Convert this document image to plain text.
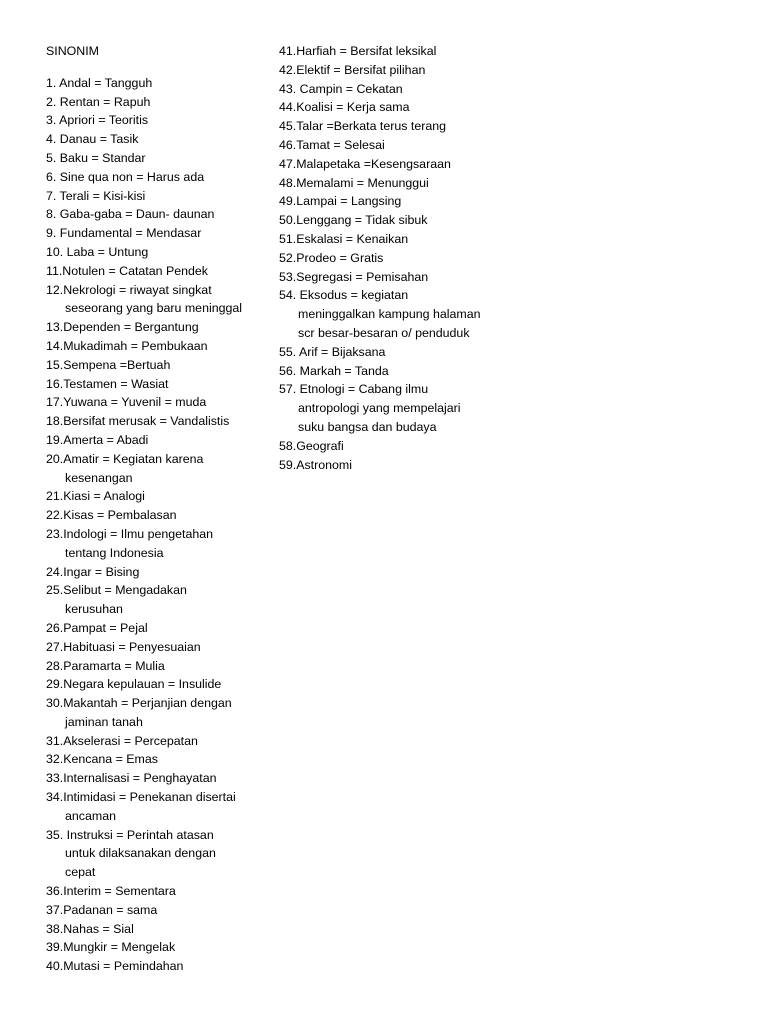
SINONIM
1. Andal = Tangguh
2. Rentan = Rapuh
3. Apriori = Teoritis
4. Danau = Tasik
5. Baku = Standar
6. Sine qua non = Harus ada
7. Terali = Kisi-kisi
8. Gaba-gaba = Daun- daunan
9. Fundamental = Mendasar
10. Laba = Untung
11.Notulen = Catatan Pendek
12.Nekrologi = riwayat singkat
seseorang yang baru meninggal
13.Dependen = Bergantung
14.Mukadimah = Pembukaan
15.Sempena =Bertuah
16.Testamen = Wasiat
17.Yuwana = Yuvenil = muda
18.Bersifat merusak = Vandalistis
19.Amerta = Abadi
20.Amatir = Kegiatan karena
kesenangan
21.Kiasi = Analogi
22.Kisas = Pembalasan
23.Indologi = Ilmu pengetahan
tentang Indonesia
24.Ingar = Bising
25.Selibut = Mengadakan
kerusuhan
26.Pampat = Pejal
27.Habituasi = Penyesuaian
28.Paramarta = Mulia
29.Negara kepulauan = Insulide
30.Makantah = Perjanjian dengan
jaminan tanah
31.Akselerasi = Percepatan
32.Kencana = Emas
33.Internalisasi = Penghayatan
34.Intimidasi = Penekanan disertai
ancaman
35. Instruksi = Perintah atasan
untuk dilaksanakan dengan
cepat
36.Interim = Sementara
37.Padanan = sama
38.Nahas = Sial
39.Mungkir = Mengelak
40.Mutasi = Pemindahan
41.Harfiah = Bersifat leksikal
42.Elektif = Bersifat pilihan
43. Campin = Cekatan
44.Koalisi = Kerja sama
45.Talar =Berkata terus terang
46.Tamat = Selesai
47.Malapetaka =Kesengsaraan
48.Memalami = Menunggui
49.Lampai = Langsing
50.Lenggang = Tidak sibuk
51.Eskalasi = Kenaikan
52.Prodeo = Gratis
53.Segregasi = Pemisahan
54. Eksodus = kegiatan
meninggalkan kampung halaman
scr besar-besaran o/ penduduk
55. Arif = Bijaksana
56. Markah = Tanda
57. Etnologi = Cabang ilmu
antropologi yang mempelajari
suku bangsa dan budaya
58.Geografi
59.Astronomi
